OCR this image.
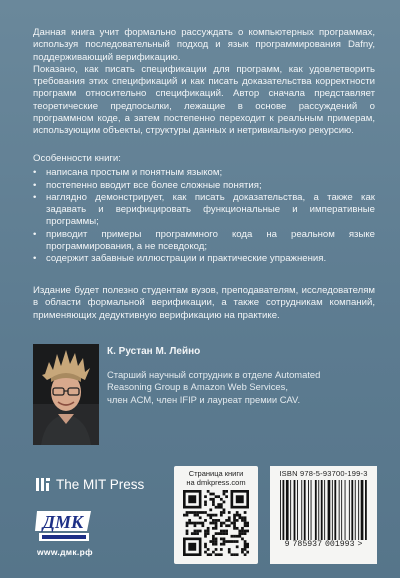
Данная книга учит формально рассуждать о компьютерных программах, используя последовательный подход и язык программирования Dafny, поддерживающий верификацию.

Показано, как писать спецификации для программ, как удовлетворить требования этих спецификаций и как писать доказательства корректности программ относительно спецификаций. Автор сначала представляет теоретические предпосылки, лежащие в основе рассуждений о программном коде, а затем постепенно переходит к реальным примерам, использующим объекты, структуры данных и нетривиальную рекурсию.

Особенности книги:

• написана простым и понятным языком;
• постепенно вводит все более сложные понятия;
• наглядно демонстрирует, как писать доказательства, а также как задавать и верифицировать функциональные и императивные программы;
• приводит примеры программного кода на реальном языке программирования, а не псевдокод;
• содержит забавные иллюстрации и практические упражнения.

Издание будет полезно студентам вузов, преподавателям, исследователям в области формальной верификации, а также сотрудникам компаний, применяющих дедуктивную верификацию на практике.

К. Рустан М. Лейно

Старший научный сотрудник в отделе Automated Reasoning Group в Amazon Web Services,

член ACM, член IFIP и лауреат премии CAV.

The MIT Press
ДМК
www.дмк.рф
Страница книги
на dmkpress.com
ISBN 978-5-93700-199-3
9 785937 001993 >
